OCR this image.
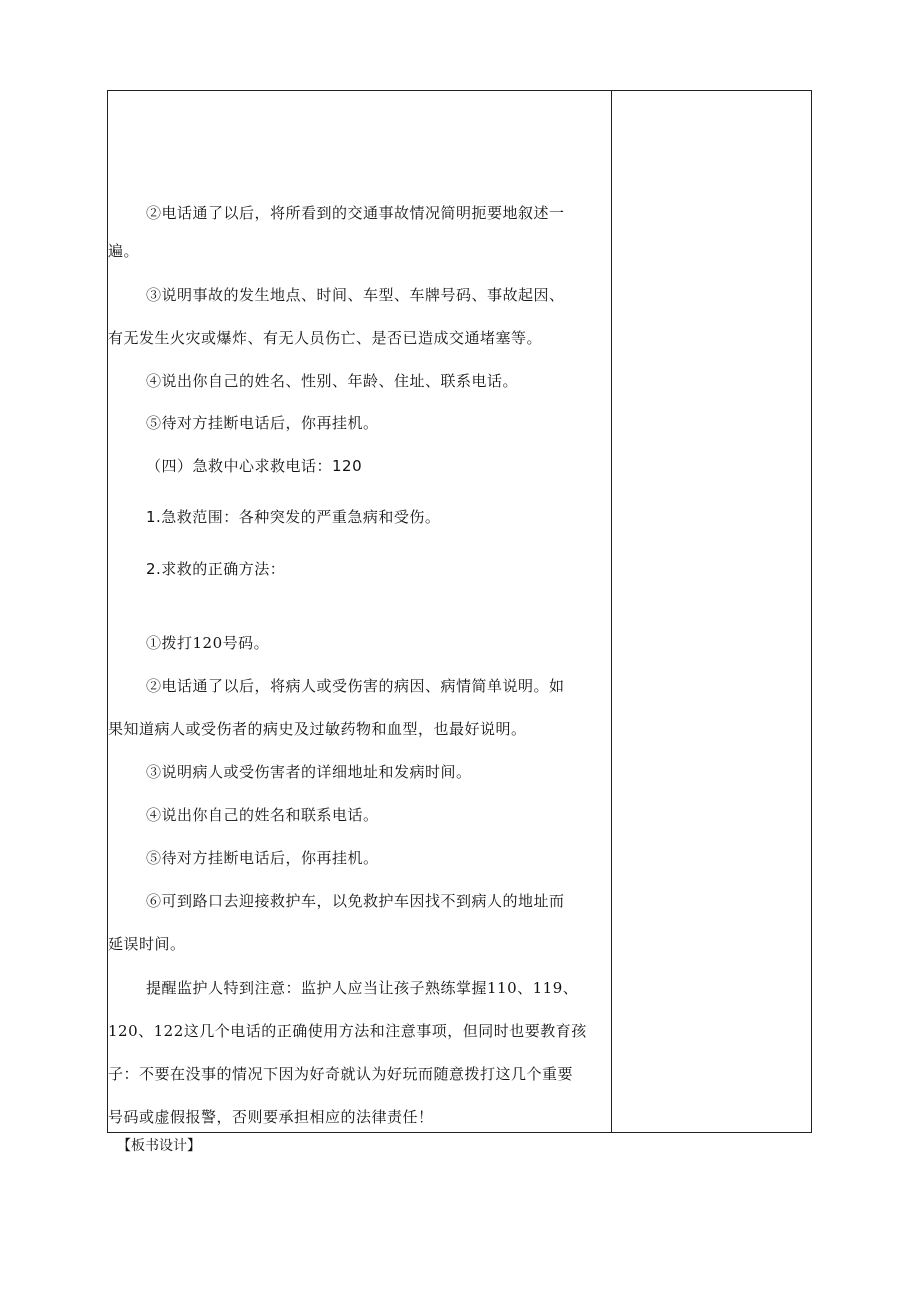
②电话通了以后，将所看到的交通事故情况简明扼要地叙述一
遍。
③说明事故的发生地点、时间、车型、车牌号码、事故起因、
有无发生火灾或爆炸、有无人员伤亡、是否已造成交通堵塞等。
④说出你自己的姓名、性别、年龄、住址、联系电话。
⑤待对方挂断电话后，你再挂机。
（四）急救中心求救电话：120
1.急救范围：各种突发的严重急病和受伤。
2.求救的正确方法：
①拨打120号码。
②电话通了以后，将病人或受伤害的病因、病情简单说明。如
果知道病人或受伤者的病史及过敏药物和血型，也最好说明。
③说明病人或受伤害者的详细地址和发病时间。
④说出你自己的姓名和联系电话。
⑤待对方挂断电话后，你再挂机。
⑥可到路口去迎接救护车，以免救护车因找不到病人的地址而
延误时间。
提醒监护人特到注意：监护人应当让孩子熟练掌握110、119、
120、122这几个电话的正确使用方法和注意事项，但同时也要教育孩
子：不要在没事的情况下因为好奇就认为好玩而随意拨打这几个重要
号码或虚假报警，否则要承担相应的法律责任！
【板书设计】
